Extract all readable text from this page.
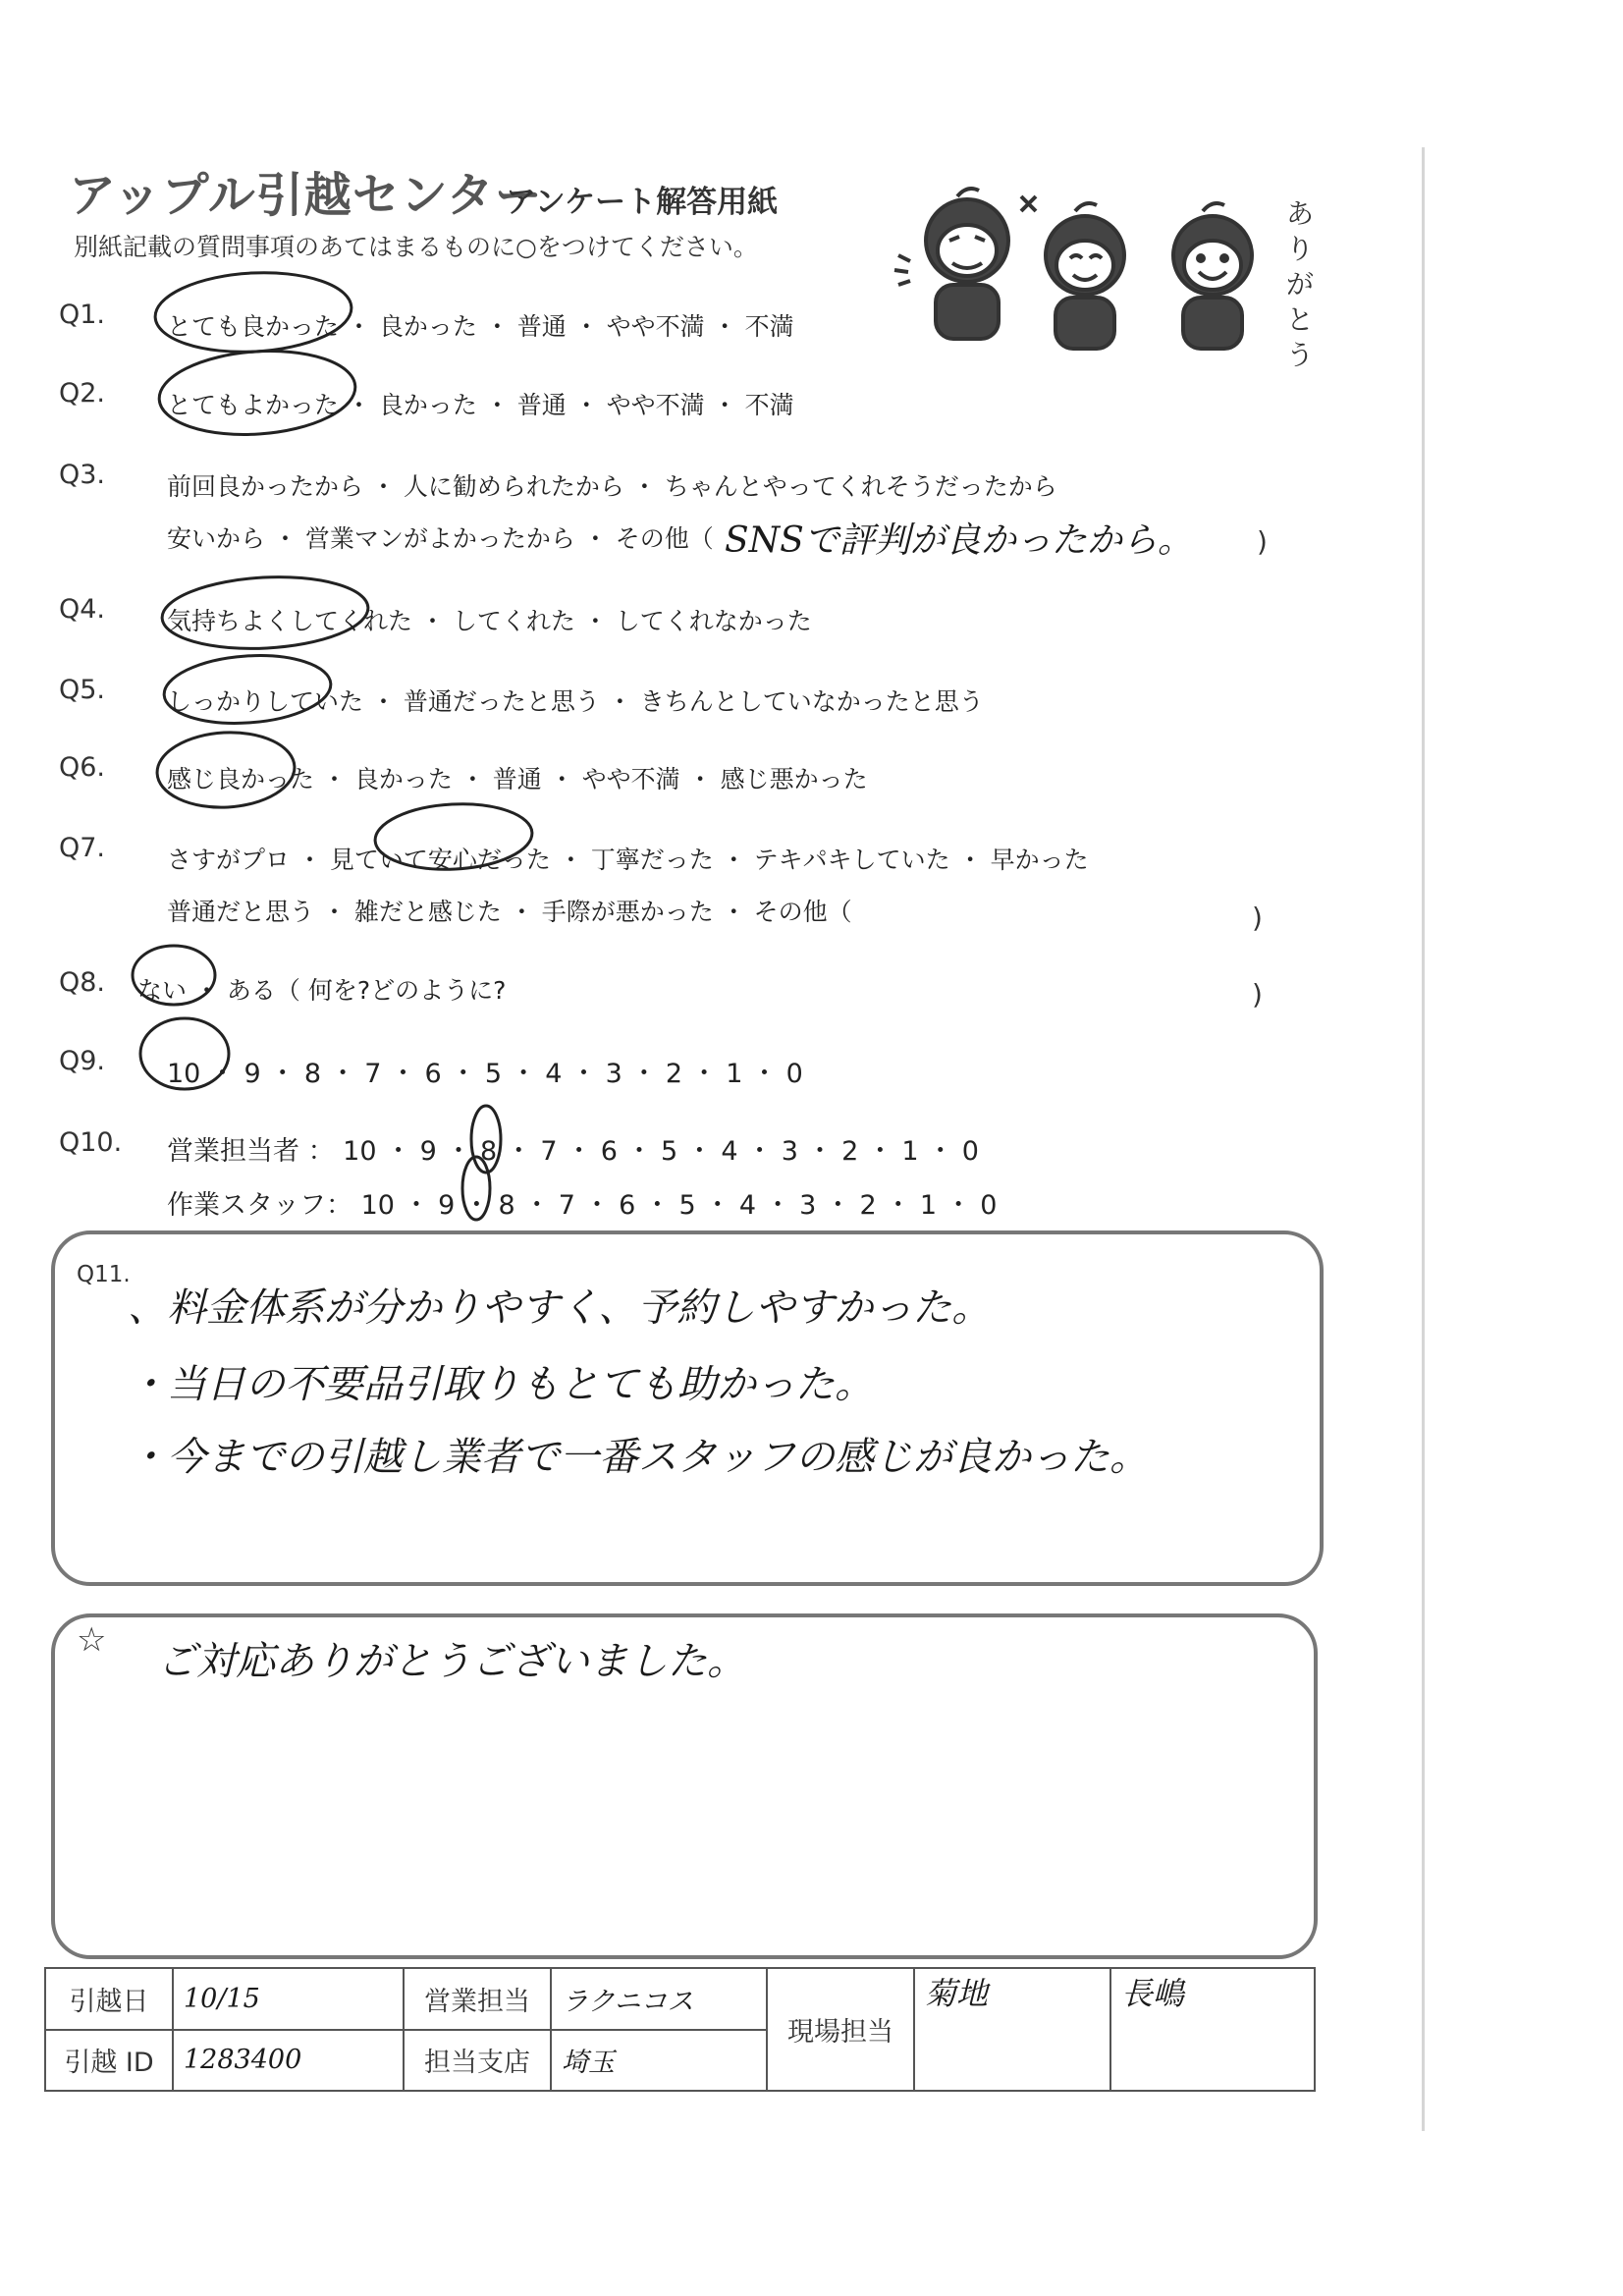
アップル引越センター
アンケート解答用紙
別紙記載の質問事項のあてはまるものに○をつけてください。
ありがとう
Q1.	とても良かった ・ 良かった ・ 普通 ・ やや不満 ・ 不満
Q2.	とてもよかった ・ 良かった ・ 普通 ・ やや不満 ・ 不満
Q3.	前回良かったから ・ 人に勧められたから ・ ちゃんとやってくれそうだったから
安いから ・ 営業マンがよかったから ・ その他（ SNSで評判が良かったから。 )
Q4.	気持ちよくしてくれた ・ してくれた ・ してくれなかった
Q5.	しっかりしていた ・ 普通だったと思う ・ きちんとしていなかったと思う
Q6.	感じ良かった ・ 良かった ・ 普通 ・ やや不満 ・ 感じ悪かった
Q7.	さすがプロ ・ 見ていて安心だった ・ 丁寧だった ・ テキパキしていた ・ 早かった
普通だと思う ・ 雑だと感じた ・ 手際が悪かった ・ その他（	)
Q8. ない ・ ある（ 何を?どのように?	)
Q9. 10 ・ 9 ・ 8 ・ 7 ・ 6 ・ 5 ・ 4 ・ 3 ・ 2 ・ 1 ・ 0
Q10. 営業担当者 ： 10 ・ 9 ・ 8 ・ 7 ・ 6 ・ 5 ・ 4 ・ 3 ・ 2 ・ 1 ・ 0
作業スタッフ： 10 ・ 9 ・ 8 ・ 7 ・ 6 ・ 5 ・ 4 ・ 3 ・ 2 ・ 1 ・ 0
Q11.
、料金体系が分かりやすく、予約しやすかった。
・当日の不要品引取りもとても助かった。
・今までの引越し業者で一番スタッフの感じが良かった。
☆ ご対応ありがとうございました。
引越日	10/15	営業担当	ラクニコス	現場担当	菊地	長嶋
引越 ID	1283400	担当支店	埼玉			
